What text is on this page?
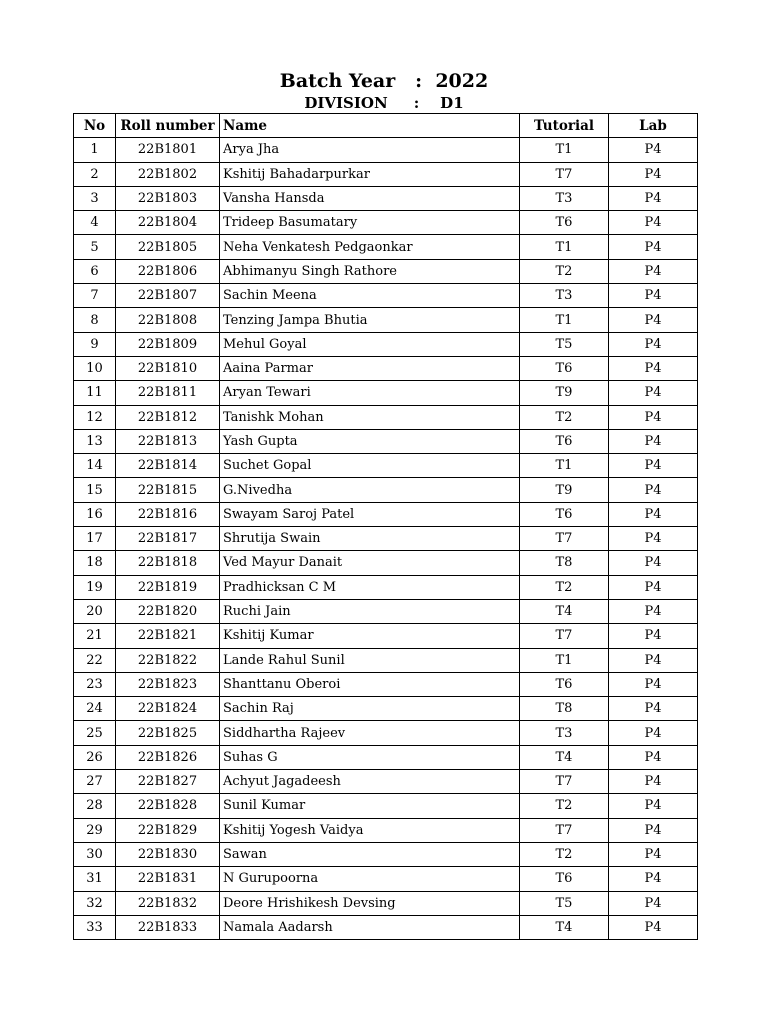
Batch Year   :  2022
DIVISION     :    D1
No	Roll number	Name	Tutorial	Lab
1	22B1801	Arya Jha	T1	P4
2	22B1802	Kshitij Bahadarpurkar	T7	P4
3	22B1803	Vansha Hansda	T3	P4
4	22B1804	Trideep Basumatary	T6	P4
5	22B1805	Neha Venkatesh Pedgaonkar	T1	P4
6	22B1806	Abhimanyu Singh Rathore	T2	P4
7	22B1807	Sachin Meena	T3	P4
8	22B1808	Tenzing Jampa Bhutia	T1	P4
9	22B1809	Mehul Goyal	T5	P4
10	22B1810	Aaina Parmar	T6	P4
11	22B1811	Aryan Tewari	T9	P4
12	22B1812	Tanishk Mohan	T2	P4
13	22B1813	Yash Gupta	T6	P4
14	22B1814	Suchet Gopal	T1	P4
15	22B1815	G.Nivedha	T9	P4
16	22B1816	Swayam Saroj Patel	T6	P4
17	22B1817	Shrutija Swain	T7	P4
18	22B1818	Ved Mayur Danait	T8	P4
19	22B1819	Pradhicksan C M	T2	P4
20	22B1820	Ruchi Jain	T4	P4
21	22B1821	Kshitij Kumar	T7	P4
22	22B1822	Lande Rahul Sunil	T1	P4
23	22B1823	Shanttanu Oberoi	T6	P4
24	22B1824	Sachin Raj	T8	P4
25	22B1825	Siddhartha Rajeev	T3	P4
26	22B1826	Suhas G	T4	P4
27	22B1827	Achyut Jagadeesh	T7	P4
28	22B1828	Sunil Kumar	T2	P4
29	22B1829	Kshitij Yogesh Vaidya	T7	P4
30	22B1830	Sawan	T2	P4
31	22B1831	N Gurupoorna	T6	P4
32	22B1832	Deore Hrishikesh Devsing	T5	P4
33	22B1833	Namala Aadarsh	T4	P4
